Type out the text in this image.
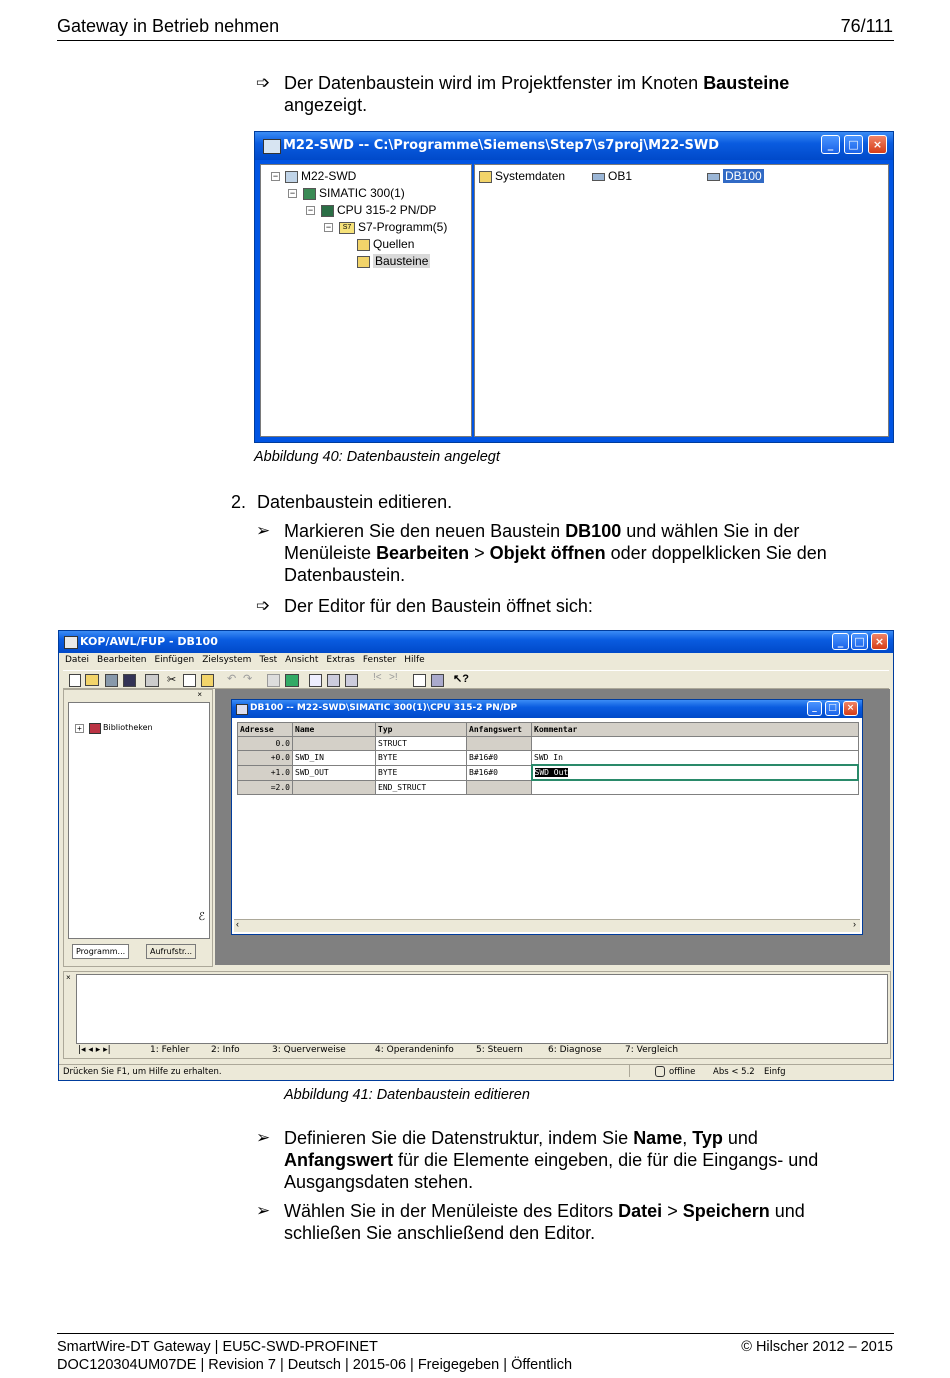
Gateway in Betrieb nehmen	76/111
➩ Der Datenbaustein wird im Projektfenster im Knoten Bausteine
angezeigt.
M22-SWD -- C:\Programme\Siemens\Step7\s7proj\M22-SWD	_	□	×
−	M22-SWD
−	SIMATIC 300(1)
−	CPU 315-2 PN/DP
−	S7 S7-Programm(5)
Quellen
Bausteine
Systemdaten	OB1	DB100
Abbildung 40: Datenbaustein angelegt
2. Datenbaustein editieren.
➢ Markieren Sie den neuen Baustein DB100 und wählen Sie in der
Menüleiste Bearbeiten > Objekt öffnen oder doppelklicken Sie den
Datenbaustein.
➩ Der Editor für den Baustein öffnet sich:
KOP/AWL/FUP - DB100	_	□ ×
Datei Bearbeiten Einfügen Zielsystem Test Ansicht Extras Fenster Hilfe
✂	↶ ↷	!< >!	↖?
×
+	Bibliotheken
ℰ
Programm...	Aufrufstr...
DB100 -- M22-SWD\SIMATIC 300(1)\CPU 315-2 PN/DP	_	□	×
Adresse	Name	Typ	Anfangswert	Kommentar
0.0		STRUCT		
+0.0	SWD_IN	BYTE	B#16#0	SWD In
+1.0	SWD_OUT	BYTE	B#16#0	SWD Out
=2.0		END_STRUCT		
‹	›
×
|◂ ◂ ▸ ▸|	1: Fehler 2: Info	3: Querverweise	4: Operandeninfo 5: Steuern	6: Diagnose	7: Vergleich
Drücken Sie F1, um Hilfe zu erhalten.	offline Abs < 5.2 Einfg
Abbildung 41: Datenbaustein editieren
➢ Definieren Sie die Datenstruktur, indem Sie Name, Typ und
Anfangswert für die Elemente eingeben, die für die Eingangs- und
Ausgangsdaten stehen.
➢ Wählen Sie in der Menüleiste des Editors Datei > Speichern und
schließen Sie anschließend den Editor.
SmartWire-DT Gateway | EU5C-SWD-PROFINET	© Hilscher 2012 – 2015
DOC120304UM07DE | Revision 7 | Deutsch | 2015-06 | Freigegeben | Öffentlich
